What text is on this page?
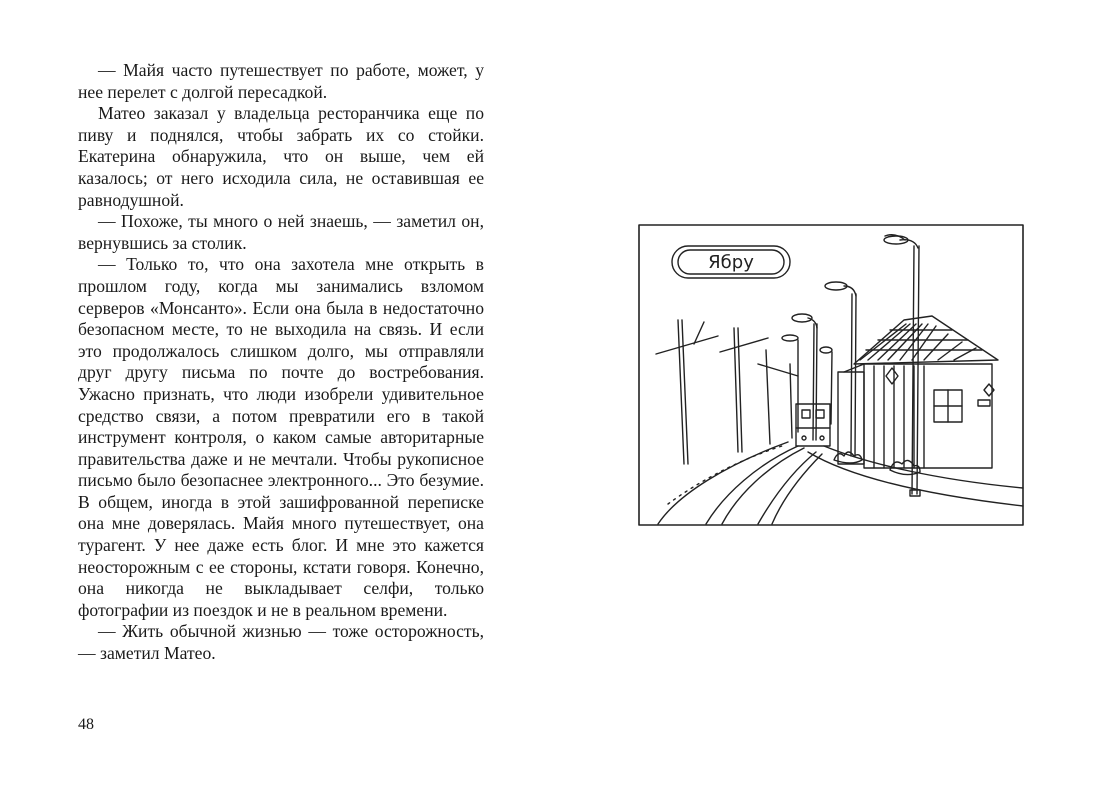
— Майя часто путешествует по работе, может, у нее перелет с долгой пересадкой.

Матео заказал у владельца ресторанчика еще по пиву и поднялся, чтобы забрать их со стойки. Екатерина обнаружила, что он выше, чем ей казалось; от него исходила сила, не оставившая ее равнодушной.

— Похоже, ты много о ней знаешь, — заметил он, вернувшись за столик.

— Только то, что она захотела мне открыть в прошлом году, когда мы занимались взломом серверов «Монсанто». Если она была в недостаточно безопасном месте, то не выходила на связь. И если это продолжалось слишком долго, мы отправляли друг другу письма по почте до востребования. Ужасно признать, что люди изобрели удивительное средство связи, а потом превратили его в такой инструмент контроля, о каком самые авторитарные правительства даже и не мечтали. Чтобы рукописное письмо было безопаснее электронного... Это безумие. В общем, иногда в этой зашифрованной переписке она мне доверялась. Майя много путешествует, она турагент. У нее даже есть блог. И мне это кажется неосторожным с ее стороны, кстати говоря. Конечно, она никогда не выкладывает селфи, только фотографии из поездок и не в реальном времени.

— Жить обычной жизнью — тоже осторожность, — заметил Матео.

48
Ябру
